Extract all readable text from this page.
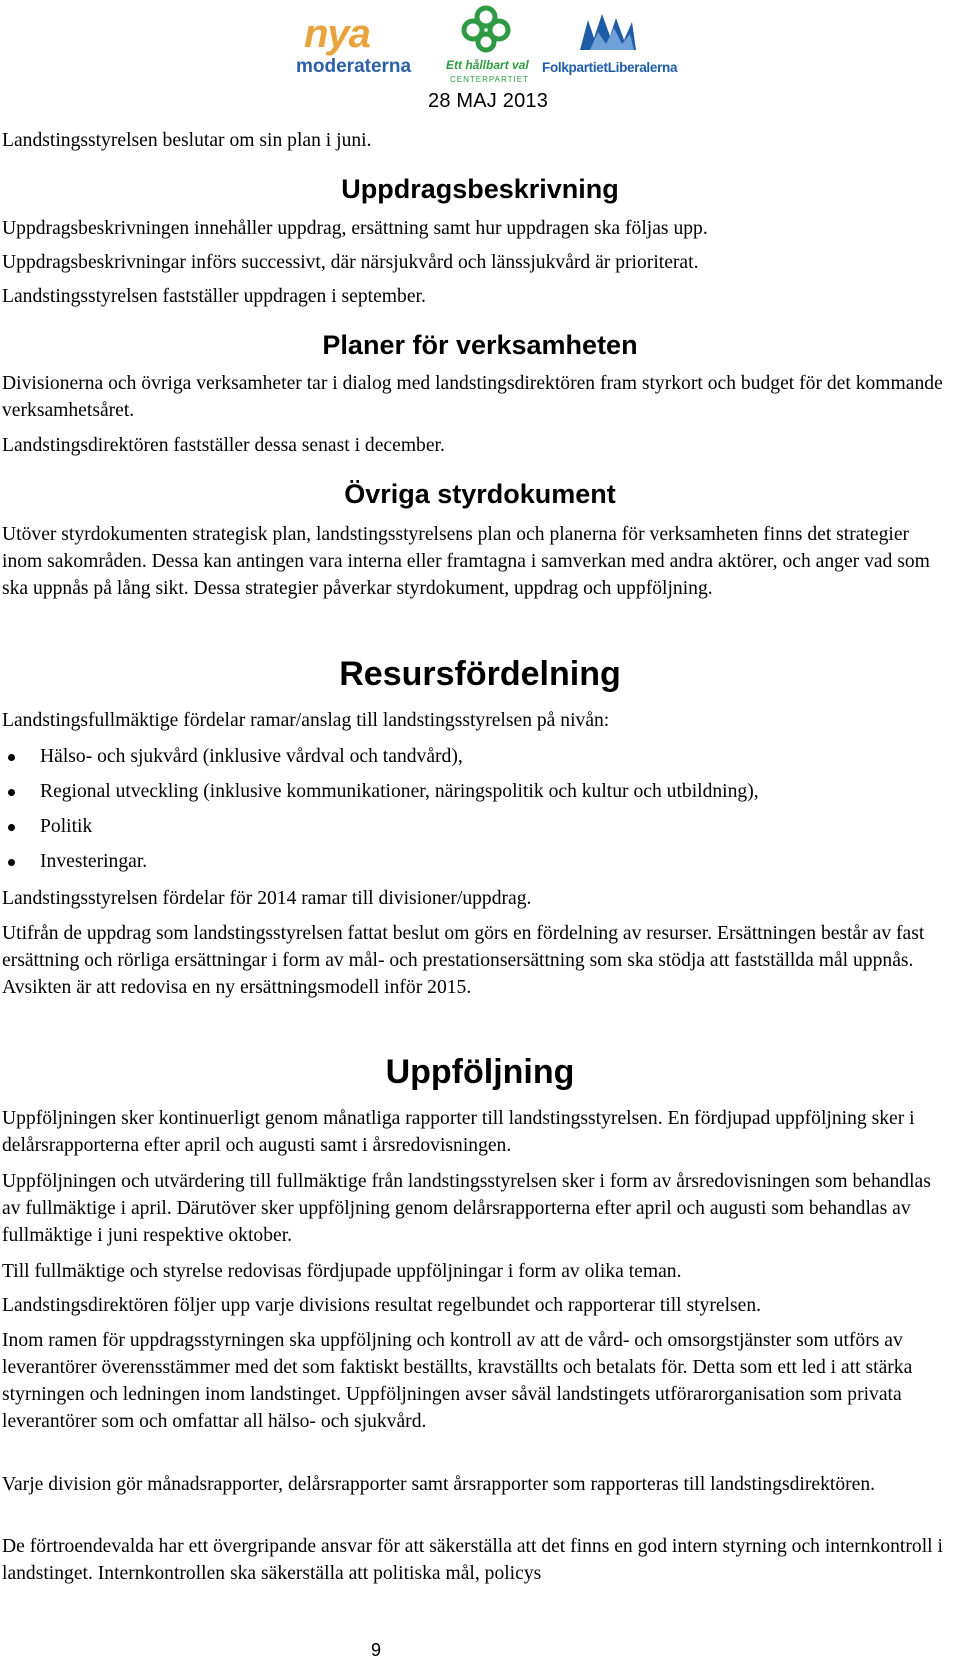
nya
moderaterna	Ett hållbart val
CENTERPARTIET
FolkpartietLiberalerna
28 MAJ 2013
Landstingsstyrelsen beslutar om sin plan i juni.
Uppdragsbeskrivning
Uppdragsbeskrivningen innehåller uppdrag, ersättning samt hur uppdragen ska följas upp.
Uppdragsbeskrivningar införs successivt, där närsjukvård och länssjukvård är prioriterat.
Landstingsstyrelsen fastställer uppdragen i september.
Planer för verksamheten
Divisionerna och övriga verksamheter tar i dialog med landstingsdirektören fram styrkort och budget för det kommande verksamhetsåret.
Landstingsdirektören fastställer dessa senast i december.
Övriga styrdokument
Utöver styrdokumenten strategisk plan, landstingsstyrelsens plan och planerna för verksamheten finns det strategier inom sakområden. Dessa kan antingen vara interna eller framtagna i samverkan med andra aktörer, och anger vad som ska uppnås på lång sikt. Dessa strategier påverkar styrdokument, uppdrag och uppföljning.
Resursfördelning
Landstingsfullmäktige fördelar ramar/anslag till landstingsstyrelsen på nivån:
Hälso- och sjukvård (inklusive vårdval och tandvård),
Regional utveckling (inklusive kommunikationer, näringspolitik och kultur och utbildning),
Politik
Investeringar.
Landstingsstyrelsen fördelar för 2014 ramar till divisioner/uppdrag.
Utifrån de uppdrag som landstingsstyrelsen fattat beslut om görs en fördelning av resurser. Ersättningen består av fast ersättning och rörliga ersättningar i form av mål- och prestationsersättning som ska stödja att fastställda mål uppnås. Avsikten är att redovisa en ny ersättningsmodell inför 2015.
Uppföljning
Uppföljningen sker kontinuerligt genom månatliga rapporter till landstingsstyrelsen. En fördjupad uppföljning sker i delårsrapporterna efter april och augusti samt i årsredovisningen.
Uppföljningen och utvärdering till fullmäktige från landstingsstyrelsen sker i form av årsredovisningen som behandlas av fullmäktige i april. Därutöver sker uppföljning genom delårsrapporterna efter april och augusti som behandlas av fullmäktige i juni respektive oktober.
Till fullmäktige och styrelse redovisas fördjupade uppföljningar i form av olika teman.
Landstingsdirektören följer upp varje divisions resultat regelbundet och rapporterar till styrelsen.
Inom ramen för uppdragsstyrningen ska uppföljning och kontroll av att de vård- och omsorgstjänster som utförs av leverantörer överensstämmer med det som faktiskt beställts, kravställts och betalats för. Detta som ett led i att stärka styrningen och ledningen inom landstinget. Uppföljningen avser såväl landstingets utförarorganisation som privata leverantörer som och omfattar all hälso- och sjukvård.
Varje division gör månadsrapporter, delårsrapporter samt årsrapporter som rapporteras till landstingsdirektören.
De förtroendevalda har ett övergripande ansvar för att säkerställa att det finns en god intern styrning och internkontroll i landstinget. Internkontrollen ska säkerställa att politiska mål, policys
9
